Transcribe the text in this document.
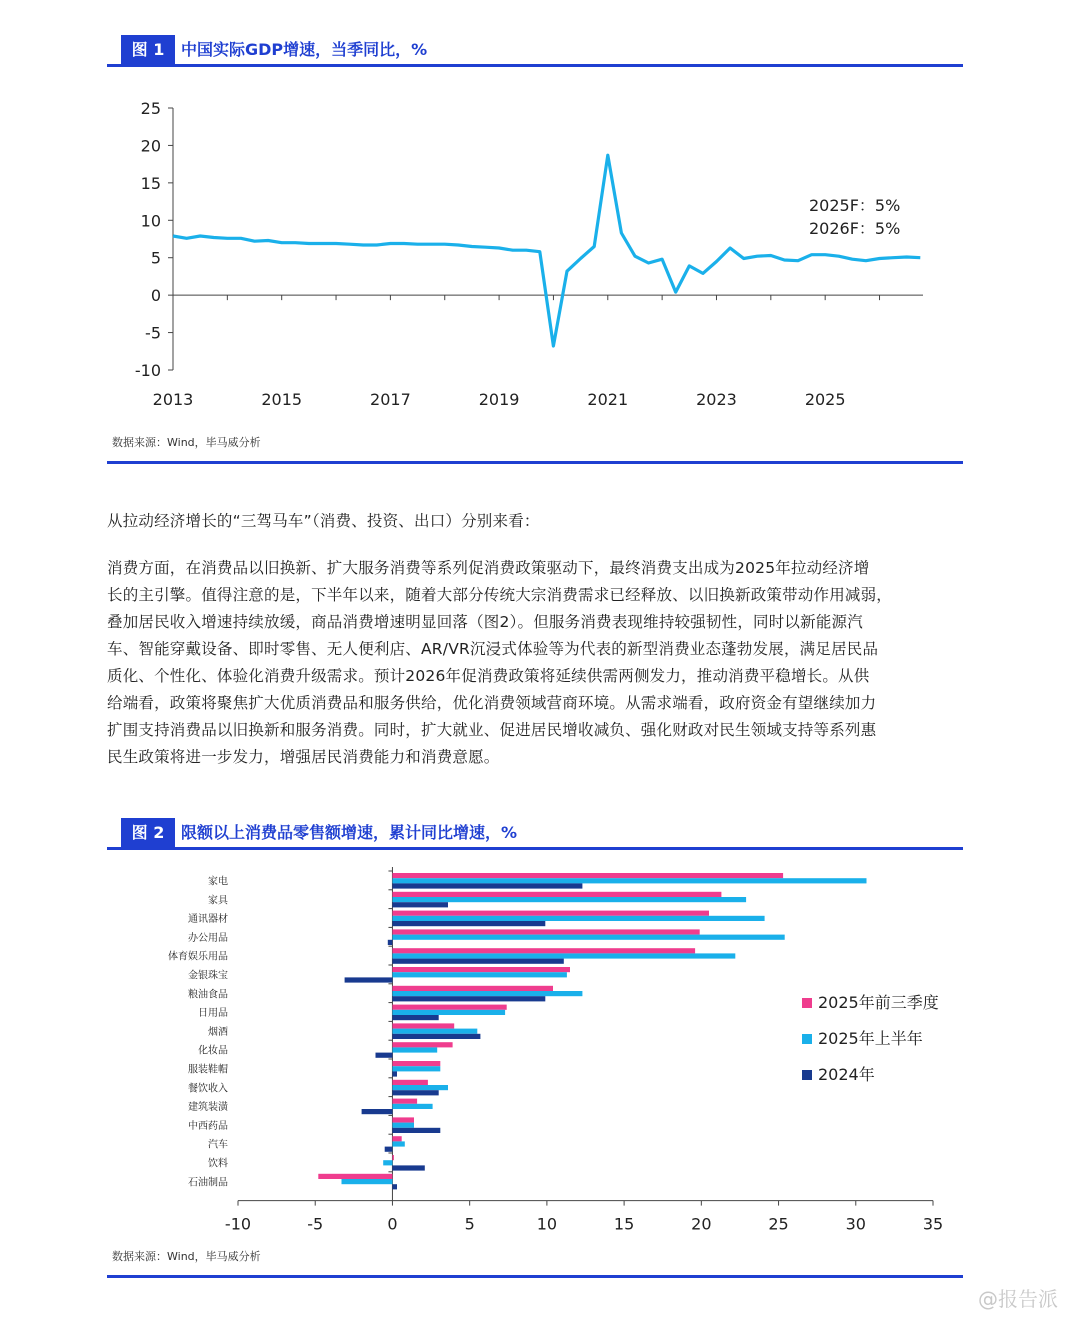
图 1	中国实际GDP增速，当季同比，%
25
20
15
10
5
0
-5
-10
2013	2015	2017	2019	2021	2023	2025
2025F：5%
2026F：5%
数据来源：Wind，毕马威分析

从拉动经济增长的“三驾马车”（消费、投资、出口）分别来看：

消费方面，在消费品以旧换新、扩大服务消费等系列促消费政策驱动下，最终消费支出成为2025年拉动经济增
长的主引擎。值得注意的是，下半年以来，随着大部分传统大宗消费需求已经释放、以旧换新政策带动作用减弱，
叠加居民收入增速持续放缓，商品消费增速明显回落（图2）。但服务消费表现维持较强韧性，同时以新能源汽
车、智能穿戴设备、即时零售、无人便利店、AR/VR沉浸式体验等为代表的新型消费业态蓬勃发展，满足居民品
质化、个性化、体验化消费升级需求。预计2026年促消费政策将延续供需两侧发力，推动消费平稳增长。从供
给端看，政策将聚焦扩大优质消费品和服务供给，优化消费领域营商环境。从需求端看，政府资金有望继续加力
扩围支持消费品以旧换新和服务消费。同时，扩大就业、促进居民增收减负、强化财政对民生领域支持等系列惠
民生政策将进一步发力，增强居民消费能力和消费意愿。
图 2	限额以上消费品零售额增速，累计同比增速，%
家电
家具
通讯器材
办公用品
体育娱乐用品
金银珠宝
粮油食品
日用品
烟酒
化妆品
服装鞋帽
餐饮收入
建筑装潢
中西药品
汽车
饮料
石油制品
-10	-5	0	5	10	15	20	25	30	35
2025年前三季度
2025年上半年
2024年
数据来源：Wind，毕马威分析
@报告派
